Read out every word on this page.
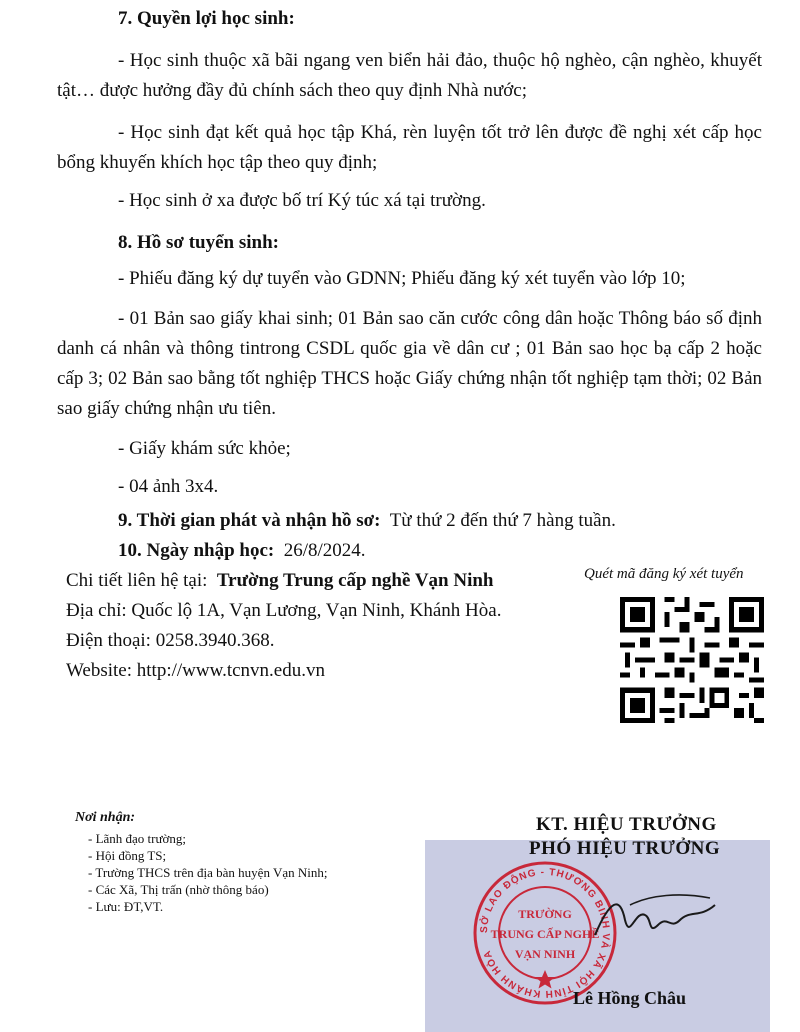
7. Quyền lợi học sinh:
- Học sinh thuộc xã bãi ngang ven biển hải đảo, thuộc hộ nghèo, cận nghèo, khuyết tật… được hưởng đầy đủ chính sách theo quy định Nhà nước;
- Học sinh đạt kết quả học tập Khá, rèn luyện tốt trở lên được đề nghị xét cấp học bổng khuyến khích học tập theo quy định;
- Học sinh ở xa được bố trí Ký túc xá tại trường.
8. Hồ sơ tuyển sinh:
- Phiếu đăng ký dự tuyển vào GDNN; Phiếu đăng ký xét tuyển vào lớp 10;
- 01 Bản sao giấy khai sinh; 01 Bản sao căn cước công dân hoặc Thông báo số định danh cá nhân và thông tintrong CSDL quốc gia về dân cư ; 01 Bản sao học bạ cấp 2 hoặc cấp 3; 02 Bản sao bằng tốt nghiệp THCS hoặc Giấy chứng nhận tốt nghiệp tạm thời; 02 Bản sao giấy chứng nhận ưu tiên.
- Giấy khám sức khỏe;
- 04 ảnh 3x4.
9. Thời gian phát và nhận hồ sơ: Từ thứ 2 đến thứ 7 hàng tuần.
10. Ngày nhập học: 26/8/2024.
Chi tiết liên hệ tại: Trường Trung cấp nghề Vạn Ninh
Địa chỉ: Quốc lộ 1A, Vạn Lương, Vạn Ninh, Khánh Hòa.
Điện thoại: 0258.3940.368.
Website: http://www.tcnvn.edu.vn
Quét mã đăng ký xét tuyển
Nơi nhận:
- Lãnh đạo trường;
- Hội đồng TS;
- Trường THCS trên địa bàn huyện Vạn Ninh;
- Các Xã, Thị trấn (nhờ thông báo)
- Lưu: ĐT,VT.
KT. HIỆU TRƯỞNG
PHÓ HIỆU TRƯỞNG
SỞ LAO ĐỘNG - THƯƠNG BINH VÀ XÃ HỘI TỈNH KHÁNH HÒA
TRƯỜNG
TRUNG CẤP NGHỀ
VẠN NINH
Lê Hồng Châu
